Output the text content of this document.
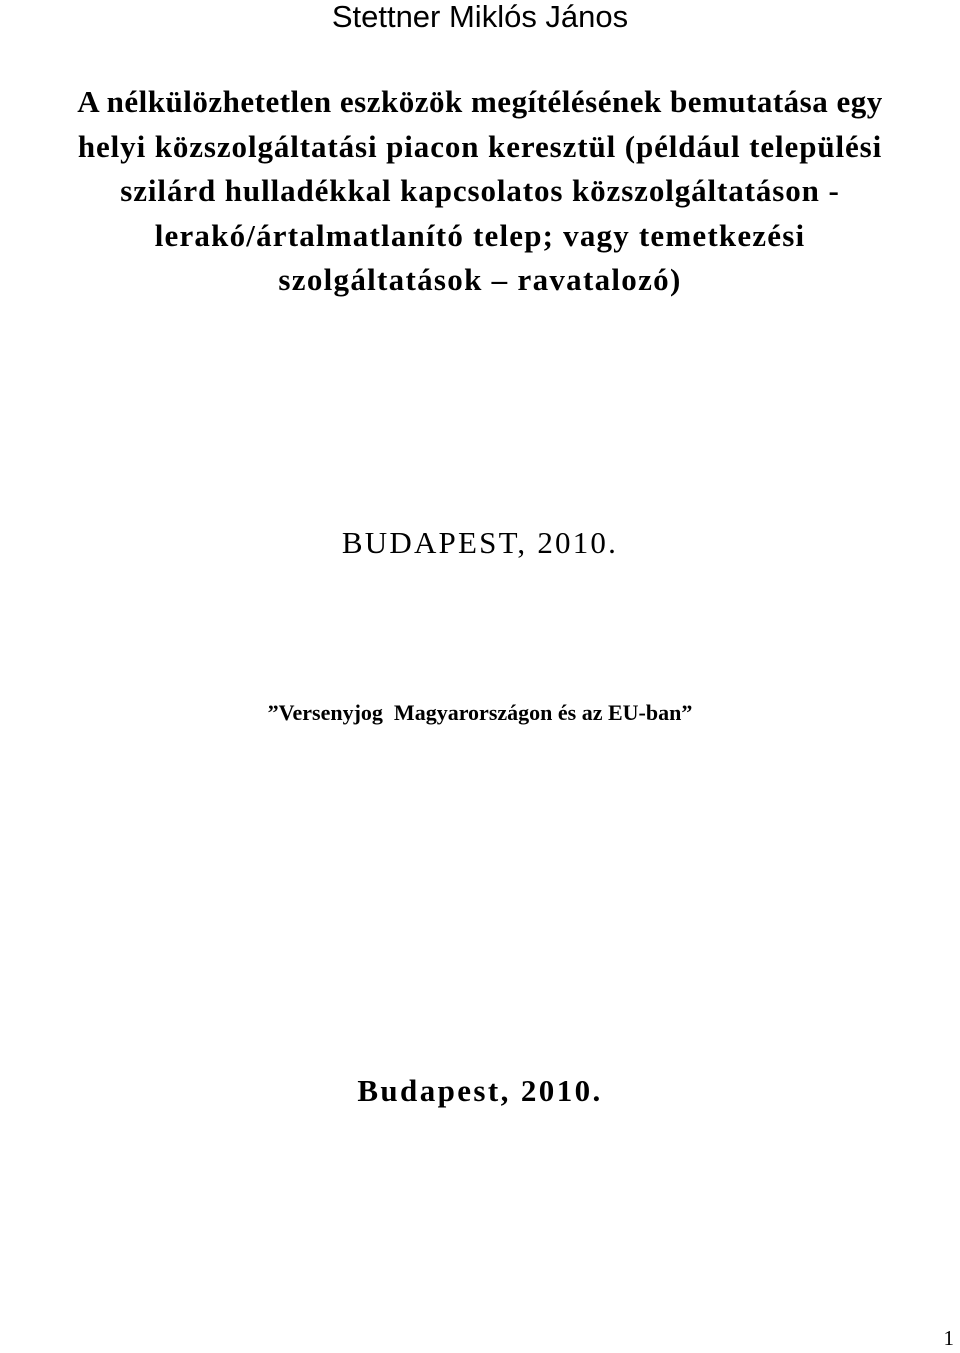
Stettner Miklós János
A nélkülözhetetlen eszközök megítélésének bemutatása egy
helyi közszolgáltatási piacon keresztül (például települési
szilárd hulladékkal kapcsolatos közszolgáltatáson -
lerakó/ártalmatlanító telep; vagy temetkezési
szolgáltatások – ravatalozó)
BUDAPEST, 2010.
”Versenyjog  Magyarországon és az EU-ban”
Budapest, 2010.
1
